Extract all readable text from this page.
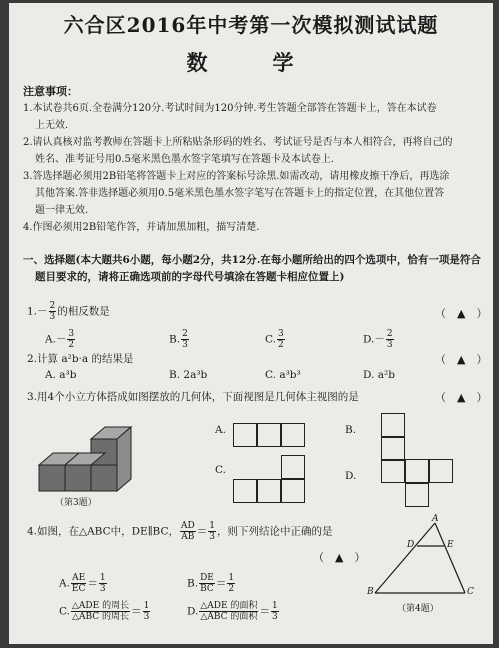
六合区2016年中考第一次模拟测试试题
数　学
注意事项：
1.本试卷共6页.全卷满分120分.考试时间为120分钟.考生答题全部答在答题卡上，答在本试卷
上无效.
2.请认真核对监考教师在答题卡上所粘贴条形码的姓名、考试证号是否与本人相符合，再将自己的
姓名、准考证号用0.5毫米黑色墨水签字笔填写在答题卡及本试卷上.
3.答选择题必须用2B铅笔将答题卡上对应的答案标号涂黑.如需改动，请用橡皮擦干净后，再选涂
其他答案.答非选择题必须用0.5毫米黑色墨水签字笔写在答题卡上的指定位置，在其他位置答
题一律无效.
4.作图必须用2B铅笔作答，并请加黑加粗，描写清楚.
一、选择题(本大题共6小题，每小题2分，共12分.在每小题所给出的四个选项中，恰有一项是符合
题目要求的，请将正确选项前的字母代号填涂在答题卡相应位置上)
$1.- \frac{2}{3}$ 的相反数是	（　▲　）
$A.- \frac{3}{2}$	B. $\frac{2}{3}$	C. $\frac{3}{2}$	$D.- \frac{2}{3}$
2.计算 a²b·a 的结果是	（　▲　）
A. a³b	B. 2a³b	C. a³b³	D. a²b
3.用4个小立方体搭成如图摆放的几何体，下面视图是几何体主视图的是	（　▲　）
（第3题）
A.	B.
C.	D.
4.如图，在△ABC中，DE∥BC， $\frac{AD}{AB} = \frac{1}{3}$ ，则下列结论中正确的是
（　▲　）
A. $\frac{AE}{EC} = \frac{1}{3}$	B. $\frac{DE}{BC} = \frac{1}{2}$
C. $\frac{\text{△ADE 的周长}}{\text{△ABC 的周长}} = \frac{1}{3}$	D. $\frac{\text{△ADE 的面积}}{\text{△ABC 的面积}} = \frac{1}{3}$
A
D	E
B	C
（第4题）
